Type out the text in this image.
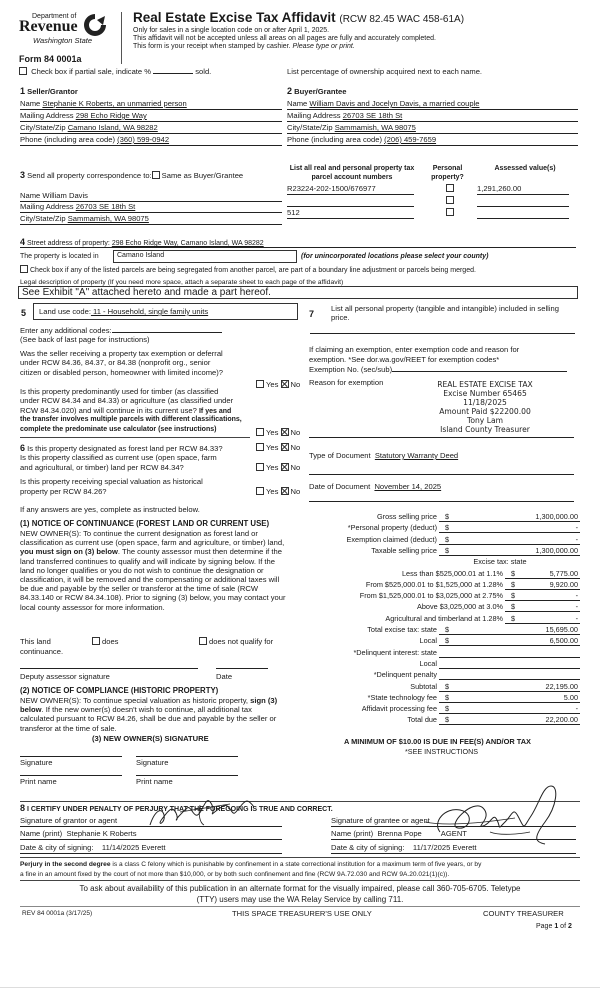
Department of
Revenue
Washington State
Form 84 0001a
Real Estate Excise Tax Affidavit (RCW 82.45 WAC 458-61A)
Only for sales in a single location code on or after April 1, 2025.
This affidavit will not be accepted unless all areas on all pages are fully and accurately completed.
This form is your receipt when stamped by cashier. Please type or print.
Check box if partial sale, indicate %	sold.	List percentage of ownership acquired next to each name.
1 Seller/Grantor
Name Stephanie K Roberts, an unmarried person
Mailing Address 298 Echo Ridge Way
City/State/Zip Camano Island, WA 98282
Phone (including area code) (360) 599-0942
2 Buyer/Grantee
Name William Davis and Jocelyn Davis, a married couple
Mailing Address 26703 SE 18th St
City/State/Zip Sammamish, WA 98075
Phone (including area code) (206) 459-7659
3 Send all property correspondence to: Same as Buyer/Grantee
Name William Davis
Mailing Address 26703 SE 18th St
City/State/Zip Sammamish, WA 98075
List all real and personal property tax parcel account numbers
Personal property?
Assessed value(s)
R23224-202-1500/676977	1,291,260.00
512
4 Street address of property: 298 Echo Ridge Way, Camano Island, WA 98282
The property is located in	Camano Island	(for unincorporated locations please select your county)
Check box if any of the listed parcels are being segregated from another parcel, are part of a boundary line adjustment or parcels being merged.
Legal description of property (If you need more space, attach a separate sheet to each page of the affidavit)
See Exhibit "A" attached hereto and made a part hereof.
5	Land use code: 11 - Household, single family units	7
List all personal property (tangible and intangible) included in selling
price.
Enter any additional codes:
(See back of last page for instructions)
Was the seller receiving a property tax exemption or deferral
under RCW 84.36, 84.37, or 84.38 (nonprofit org., senior
citizen or disabled person, homeowner with limited income)?
Yes No
Is this property predominantly used for timber (as classified
under RCW 84.34 and 84.33) or agriculture (as classified under
RCW 84.34.020) and will continue in its current use? If yes and
the transfer involves multiple parcels with different classifications,
complete the predominate use calculator (see instructions)	Yes No
6 Is this property designated as forest land per RCW 84.33?	Yes No
Is this property classified as current use (open space, farm
and agricultural, or timber) land per RCW 84.34?	Yes No
Is this property receiving special valuation as historical
property per RCW 84.26?	Yes No
If any answers are yes, complete as instructed below.
(1) NOTICE OF CONTINUANCE (FOREST LAND OR CURRENT USE)
NEW OWNER(S): To continue the current designation as forest land or classification as current use (open space, farm and agriculture, or timber) land, you must sign on (3) below. The county assessor must then determine if the land transferred continues to qualify and will indicate by signing below. If the land no longer qualifies or you do not wish to continue the designation or classification, it will be removed and the compensating or additional taxes will be due and payable by the seller or transferor at the time of sale (RCW 84.33.140 or RCW 84.34.108). Prior to signing (3) below, you may contact your local county assessor for more information.
This land	does	does not qualify for
continuance.
Deputy assessor signature	Date
(2) NOTICE OF COMPLIANCE (HISTORIC PROPERTY)
NEW OWNER(S): To continue special valuation as historic property, sign (3) below. If the new owner(s) doesn't wish to continue, all additional tax calculated pursuant to RCW 84.26, shall be due and payable by the seller or transferor at the time of sale.
(3) NEW OWNER(S) SIGNATURE
Signature	Signature
Print name	Print name
If claiming an exemption, enter exemption code and reason for
exemption. *See dor.wa.gov/REET for exemption codes*
Exemption No. (sec/sub)
Reason for exemption	REAL ESTATE EXCISE TAX
Excise Number 65465
11/18/2025
Amount Paid $22200.00
Tony Lam
Island County Treasurer
Type of Document Statutory Warranty Deed
Date of Document November 14, 2025
Gross selling price $	1,300,000.00
*Personal property (deduct) $	-
Exemption claimed (deduct) $	-
Taxable selling price $	1,300,000.00
Excise tax: state
Less than $525,000.01 at 1.1% $	5,775.00
From $525,000.01 to $1,525,000 at 1.28% $	9,920.00
From $1,525,000.01 to $3,025,000 at 2.75% $	-
Above $3,025,000 at 3.0% $	-
Agricultural and timberland at 1.28% $	-
Total excise tax: state $	15,695.00
Local $	6,500.00
*Delinquent interest: state
Local
*Delinquent penalty
Subtotal $	22,195.00
*State technology fee $	5.00
Affidavit processing fee $	-
Total due $	22,200.00
A MINIMUM OF $10.00 IS DUE IN FEE(S) AND/OR TAX
*SEE INSTRUCTIONS
8 I CERTIFY UNDER PENALTY OF PERJURY THAT THE FOREGOING IS TRUE AND CORRECT.
Signature of grantor or agent
Name (print) Stephanie K Roberts
Date & city of signing: 11/14/2025 Everett
Signature of grantee or agent
Name (print) Brenna Pope	AGENT
Date & city of signing: 11/17/2025 Everett
Perjury in the second degree is a class C felony which is punishable by confinement in a state correctional institution for a maximum term of five years, or by
a fine in an amount fixed by the court of not more than $10,000, or by both such confinement and fine (RCW 9A.72.030 and RCW 9A.20.021(1)(c)).
To ask about availability of this publication in an alternate format for the visually impaired, please call 360-705-6705. Teletype
(TTY) users may use the WA Relay Service by calling 711.
REV 84 0001a (3/17/25)	THIS SPACE TREASURER'S USE ONLY	COUNTY TREASURER
Page 1 of 2
